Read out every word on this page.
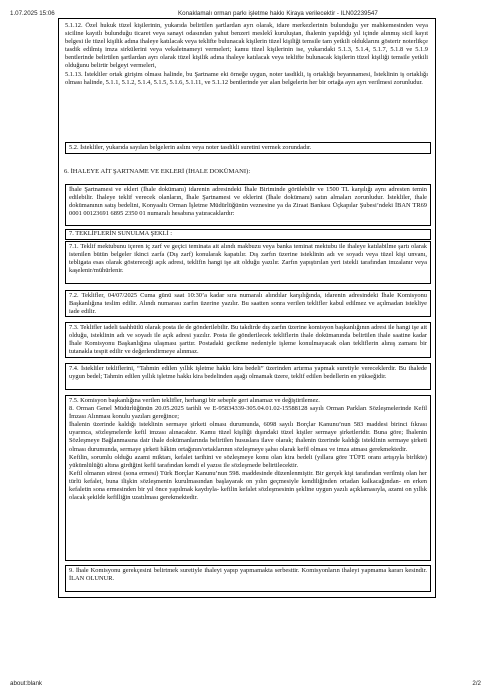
1.07.2025 15:06	Konaklamalı orman parkı işletme hakkı Kiraya verilecektir - ILN02239547

5.1.12. Özel hukuk tüzel kişilerinin, yukarıda belirtilen şartlardan ayrı olarak, idare merkezlerinin bulunduğu yer mahkemesinden veya siciline kayıtlı bulunduğu ticaret veya sanayi odasından yahut benzeri meslekî kuruluştan, ihalenin yapıldığı yıl içinde alınmış sicil kayıt belgesi ile tüzel kişilik adına ihaleye katılacak veya teklifte bulunacak kişilerin tüzel kişiliği temsile tam yetkili olduklarını gösterir noterlikçe tasdik edilmiş imza sirkülerini veya vekaletnameyi vermeleri; kamu tüzel kişilerinin ise, yukarıdaki 5.1.3, 5.1.4, 5.1.7, 5.1.8 ve 5.1.9 bentlerinde belirtilen şartlardan ayrı olarak tüzel kişilik adına ihaleye katılacak veya teklifte bulunacak kişilerin tüzel kişiliği temsile yetkili olduğunu belirtir belgeyi vermeleri,

5.1.13. İstekliler ortak girişim olması halinde, bu Şartname eki örneğe uygun, noter tasdikli, iş ortaklığı beyannamesi, İsteklinin iş ortaklığı olması halinde, 5.1.1, 5.1.2, 5.1.4, 5.1.5, 5.1.6, 5.1.11, ve 5.1.12 bentlerinde yer alan belgelerin her bir ortağa ayrı ayrı verilmesi zorunludur.

5.2. İstekliler, yukarıda sayılan belgelerin aslını veya noter tasdikli suretini vermek zorundadır.

6. İHALEYE AİT ŞARTNAME VE EKLERİ (İHALE DOKÜMANI):

İhale Şartnamesi ve ekleri (İhale dokümanı) idarenin adresindeki İhale Biriminde görülebilir ve 1500 TL karşılığı aynı adresten temin edilebilir. İhaleye teklif verecek olanların, İhale Şartnamesi ve eklerini (İhale dokümanı) satın almaları zorunludur. İstekliler, ihale dokümanının satış bedelini, Konyaaltı Orman İşletme Müdürlüğünün veznesine ya da Ziraat Bankası Üçkapılar Şubesi’ndeki İBAN TR69 0001 00123691 6895 2350 01 numaralı hesabına yatıracaklardır:

7. TEKLİFLERİN SUNULMA ŞEKLİ :

7.1. Teklif mektubunu içeren iç zarf ve geçici teminata ait alındı makbuzu veya banka teminat mektubu ile ihaleye katılabilme şartı olarak istenilen bütün belgeler ikinci zarfa (Dış zarf) konularak kapatılır. Dış zarfın üzerine isteklinin adı ve soyadı veya tüzel kişi unvanı, tebligata esas olarak göstereceği açık adresi, teklifin hangi işe ait olduğu yazılır. Zarfın yapıştırılan yeri istekli tarafından imzalanır veya kaşelenir/mühürlenir.

7.2. Teklifler, 04/07/2025 Cuma günü saat 10:30’a kadar sıra numaralı alındılar karşılığında, idarenin adresindeki İhale Komisyonu Başkanlığına teslim edilir. Alındı numarası zarfın üzerine yazılır. Bu saatten sonra verilen teklifler kabul edilmez ve açılmadan istekliye iade edilir.

7.3. Teklifler iadeli taahhütlü olarak posta ile de gönderilebilir. Bu takdirde dış zarfın üzerine komisyon başkanlığının adresi ile hangi işe ait olduğu, isteklinin adı ve soyadı ile açık adresi yazılır. Posta ile gönderilecek tekliflerin ihale dokümanında belirtilen ihale saatine kadar İhale Komisyonu Başkanlığına ulaşması şarttır. Postadaki gecikme nedeniyle işleme konulmayacak olan tekliflerin alınış zamanı bir tutanakla tespit edilir ve değerlendirmeye alınmaz.

7.4. İstekliler tekliflerini, “Tahmin edilen yıllık işletme hakkı kira bedeli” üzerinden artırma yapmak suretiyle vereceklerdir. Bu ihalede uygun bedel; Tahmin edilen yıllık işletme hakkı kira bedelinden aşağı olmamak üzere, teklif edilen bedellerin en yükseğidir.

7.5. Komisyon başkanlığına verilen teklifler, herhangi bir sebeple geri alınamaz ve değiştirilemez.

8. Orman Genel Müdürlüğünün 20.05.2025 tarihli ve E-95834339-305.04.01.02-15588128 sayılı Orman Parkları Sözleşmelerinde Kefil İmzası Alınması konulu yazıları gereğince;

İhalenin üzerinde kaldığı isteklinin sermaye şirketi olması durumunda, 6098 sayılı Borçlar Kanunu’nun 583 maddesi birinci fıkrası uyarınca, sözleşmelerde kefil imzası alınacaktır. Kamu tüzel kişiliği dışındaki tüzel kişiler sermaye şirketleridir. Buna göre; İhalenin Sözleşmeye Bağlanmasına dair ihale dokümanlarında belirtilen hususlara ilave olarak; ihalenin üzerinde kaldığı isteklinin sermaye şirketi olması durumunda, sermaye şirketi hâkim ortağının/ortaklarının sözleşmeye şahsı olarak kefil olması ve imza atması gerekmektedir.

Kefilin, sorumlu olduğu azami miktarı, kefalet tarihini ve sözleşmeye konu olan kira bedeli (yıllara göre TÜFE oranı artışıyla birlikte) yükümlülüğü altına girdiğini kefil tarafından kendi el yazısı ile sözleşmede belirtilecektir.

Kefil olmanın süresi (sona ermesi) Türk Borçlar Kanunu’nun 598. maddesinde düzenlenmiştir. Bir gerçek kişi tarafından verilmiş olan her türlü kefalet, buna ilişkin sözleşmenin kurulmasından başlayarak on yılın geçmesiyle kendiliğinden ortadan kalkacağından- en erken kefaletin sona ermesinden bir yıl önce yapılmak kaydıyla- kefilin kefalet sözleşmesinin şekline uygun yazılı açıklamasıyla, azami on yıllık olacak şekilde kefilliğin uzatılması gerekmektedir.

9. İhale Komisyonu gerekçesini belirtmek suretiyle ihaleyi yapıp yapmamakta serbesttir. Komisyonların ihaleyi yapmama kararı kesindir. İLAN OLUNUR.

about:blank	2/2
